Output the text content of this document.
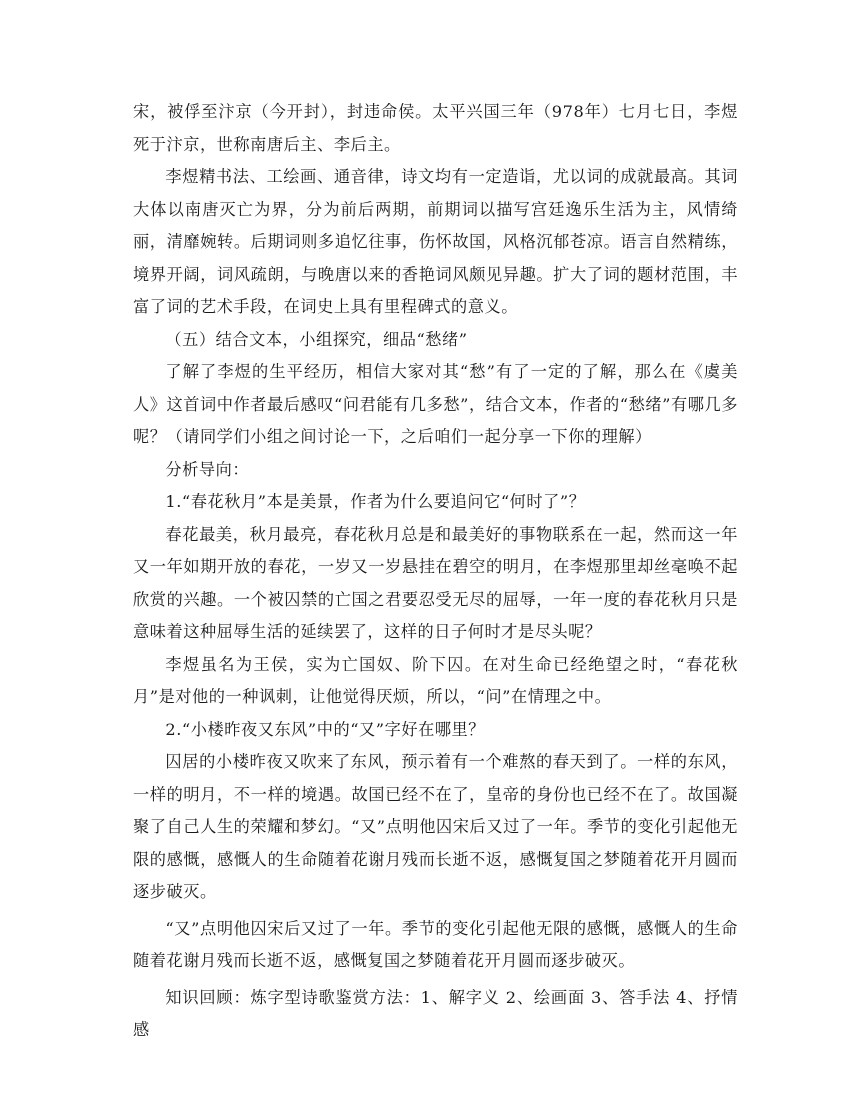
宋，被俘至汴京（今开封），封违命侯。太平兴国三年（978年）七月七日，李煜死于汴京，世称南唐后主、李后主。

李煜精书法、工绘画、通音律，诗文均有一定造诣，尤以词的成就最高。其词大体以南唐灭亡为界，分为前后两期，前期词以描写宫廷逸乐生活为主，风情绮丽，清靡婉转。后期词则多追忆往事，伤怀故国，风格沉郁苍凉。语言自然精练，境界开阔，词风疏朗，与晚唐以来的香艳词风颇见异趣。扩大了词的题材范围，丰富了词的艺术手段，在词史上具有里程碑式的意义。

（五）结合文本，小组探究，细品“愁绪”

了解了李煜的生平经历，相信大家对其“愁”有了一定的了解，那么在《虞美人》这首词中作者最后感叹“问君能有几多愁”，结合文本，作者的“愁绪”有哪几多呢？（请同学们小组之间讨论一下，之后咱们一起分享一下你的理解）

分析导向：

1.“春花秋月”本是美景，作者为什么要追问它“何时了”？

春花最美，秋月最亮，春花秋月总是和最美好的事物联系在一起，然而这一年又一年如期开放的春花，一岁又一岁悬挂在碧空的明月，在李煜那里却丝毫唤不起欣赏的兴趣。一个被囚禁的亡国之君要忍受无尽的屈辱，一年一度的春花秋月只是意味着这种屈辱生活的延续罢了，这样的日子何时才是尽头呢？

李煜虽名为王侯，实为亡国奴、阶下囚。在对生命已经绝望之时，“春花秋月”是对他的一种讽刺，让他觉得厌烦，所以，“问”在情理之中。

2.“小楼昨夜又东风”中的“又”字好在哪里？

囚居的小楼昨夜又吹来了东风，预示着有一个难熬的春天到了。一样的东风，一样的明月，不一样的境遇。故国已经不在了，皇帝的身份也已经不在了。故国凝聚了自己人生的荣耀和梦幻。“又”点明他囚宋后又过了一年。季节的变化引起他无限的感慨，感慨人的生命随着花谢月残而长逝不返，感慨复国之梦随着花开月圆而逐步破灭。

“又”点明他囚宋后又过了一年。季节的变化引起他无限的感慨，感慨人的生命随着花谢月残而长逝不返，感慨复国之梦随着花开月圆而逐步破灭。

知识回顾：炼字型诗歌鉴赏方法：1、解字义 2、绘画面 3、答手法 4、抒情感
